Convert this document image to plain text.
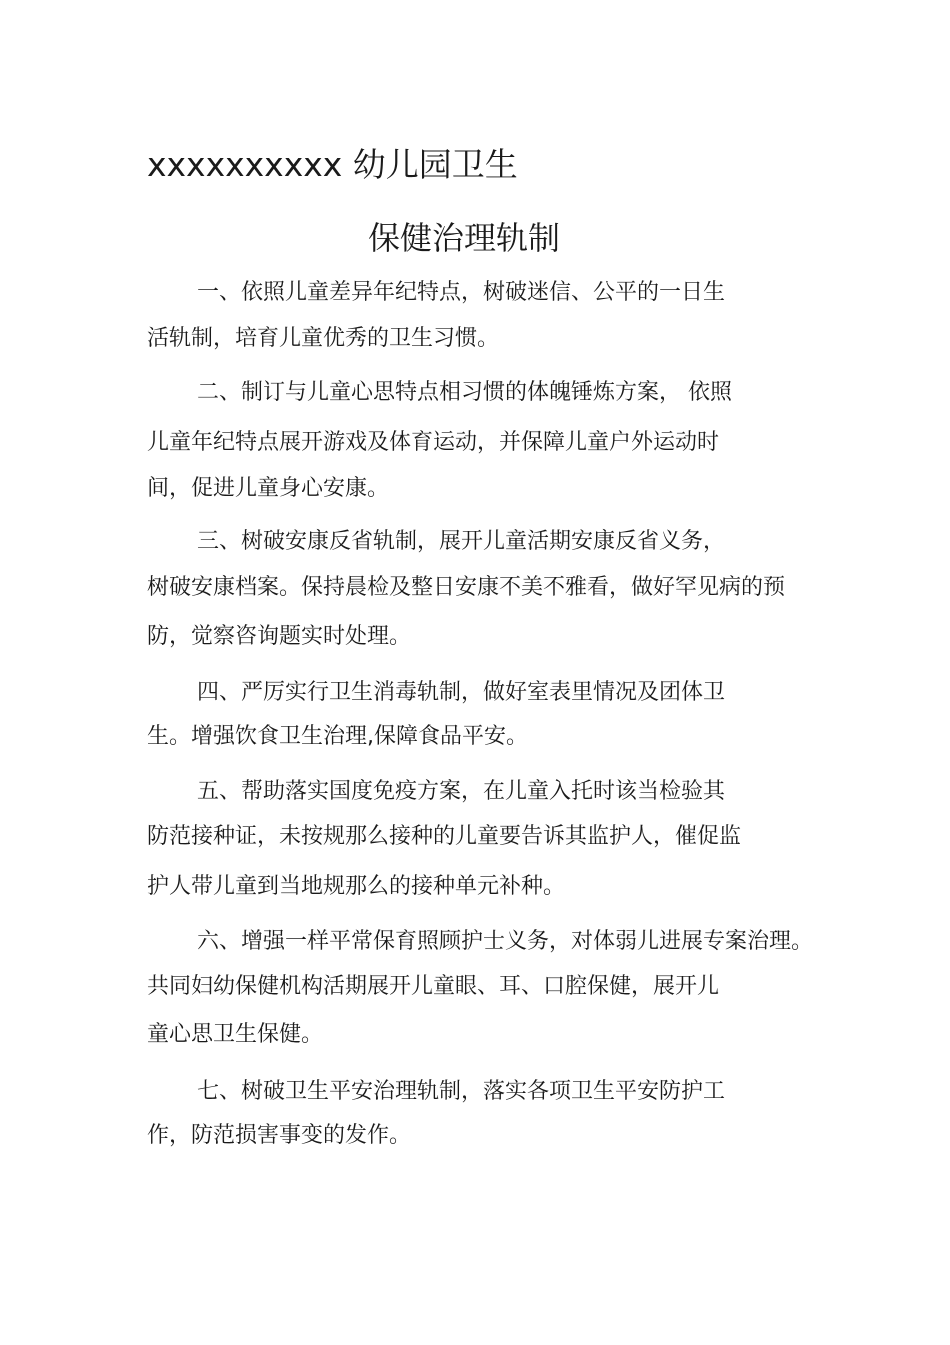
xxxxxxxxxx 幼儿园卫生
保健治理轨制
一、依照儿童差异年纪特点，树破迷信、公平的一日生
活轨制，培育儿童优秀的卫生习惯。
二、制订与儿童心思特点相习惯的体魄锤炼方案， 依照
儿童年纪特点展开游戏及体育运动，并保障儿童户外运动时
间，促进儿童身心安康。
三、树破安康反省轨制，展开儿童活期安康反省义务，
树破安康档案。保持晨检及整日安康不美不雅看，做好罕见病的预
防，觉察咨询题实时处理。
四、严厉实行卫生消毒轨制，做好室表里情况及团体卫
生。增强饮食卫生治理,保障食品平安。
五、帮助落实国度免疫方案，在儿童入托时该当检验其
防范接种证，未按规那么接种的儿童要告诉其监护人，催促监
护人带儿童到当地规那么的接种单元补种。
六、增强一样平常保育照顾护士义务，对体弱儿进展专案治理。
共同妇幼保健机构活期展开儿童眼、耳、口腔保健，展开儿
童心思卫生保健。
七、树破卫生平安治理轨制，落实各项卫生平安防护工
作，防范损害事变的发作。
